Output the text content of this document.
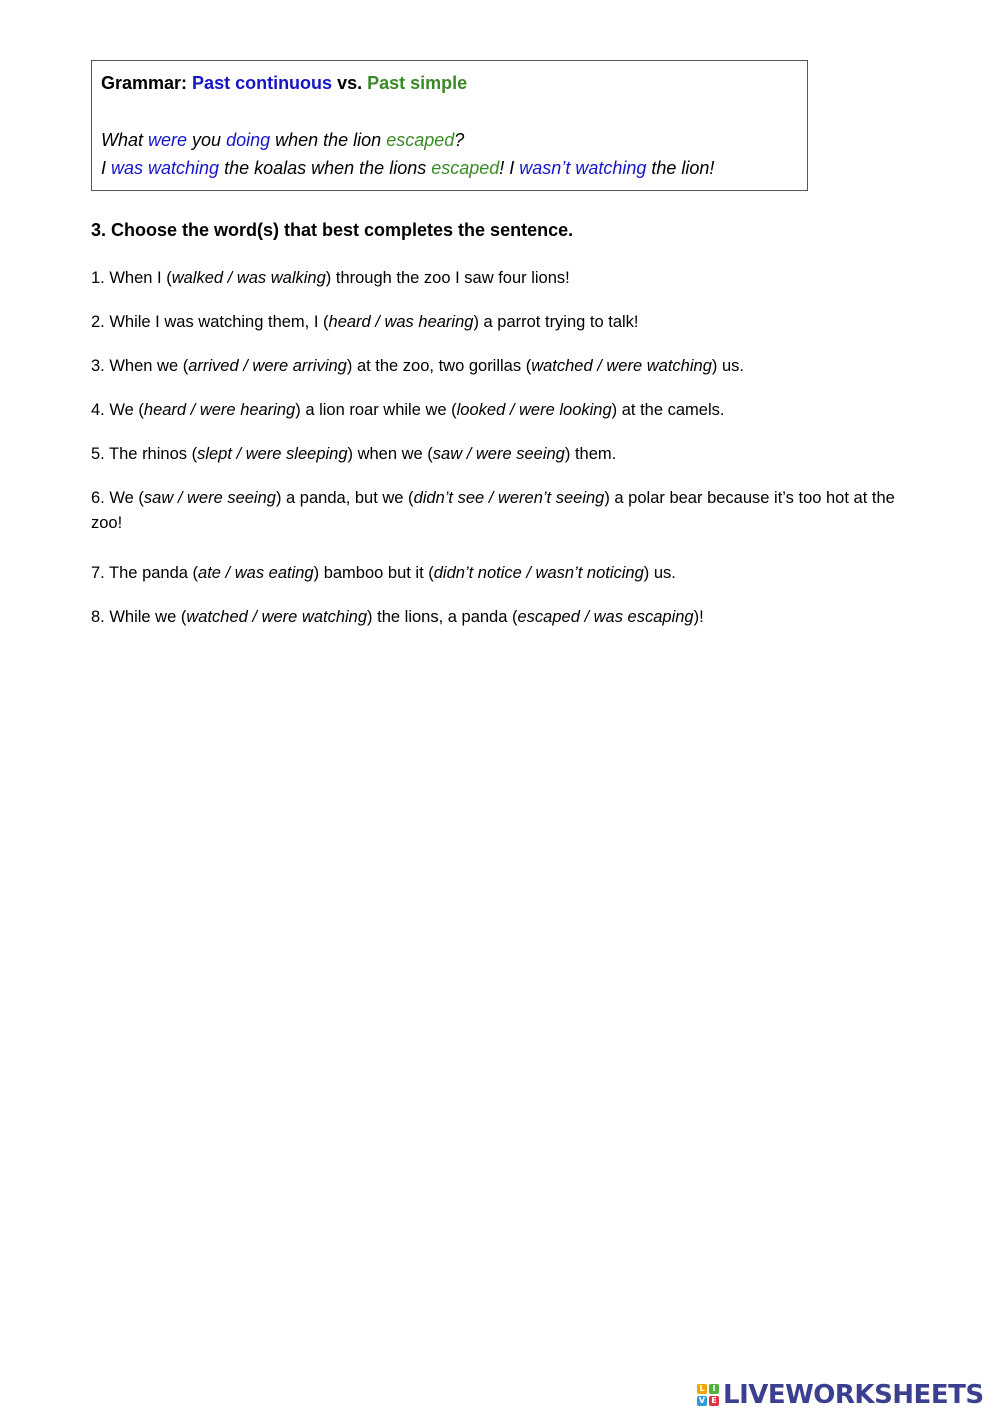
Grammar: Past continuous vs. Past simple

What were you doing when the lion escaped?
I was watching the koalas when the lions escaped! I wasn’t watching the lion!

3. Choose the word(s) that best completes the sentence.

1. When I (walked / was walking) through the zoo I saw four lions!

2. While I was watching them, I (heard / was hearing) a parrot trying to talk!

3. When we (arrived / were arriving) at the zoo, two gorillas (watched / were watching) us.

4. We (heard / were hearing) a lion roar while we (looked / were looking) at the camels.

5. The rhinos (slept / were sleeping) when we (saw / were seeing) them.

6. We (saw / were seeing) a panda, but we (didn’t see / weren’t seeing) a polar bear because it’s too hot at the zoo!

7. The panda (ate / was eating) bamboo but it (didn’t notice / wasn’t noticing) us.

8. While we (watched / were watching) the lions, a panda (escaped / was escaping)!

L I
V E LIVEWORKSHEETS
